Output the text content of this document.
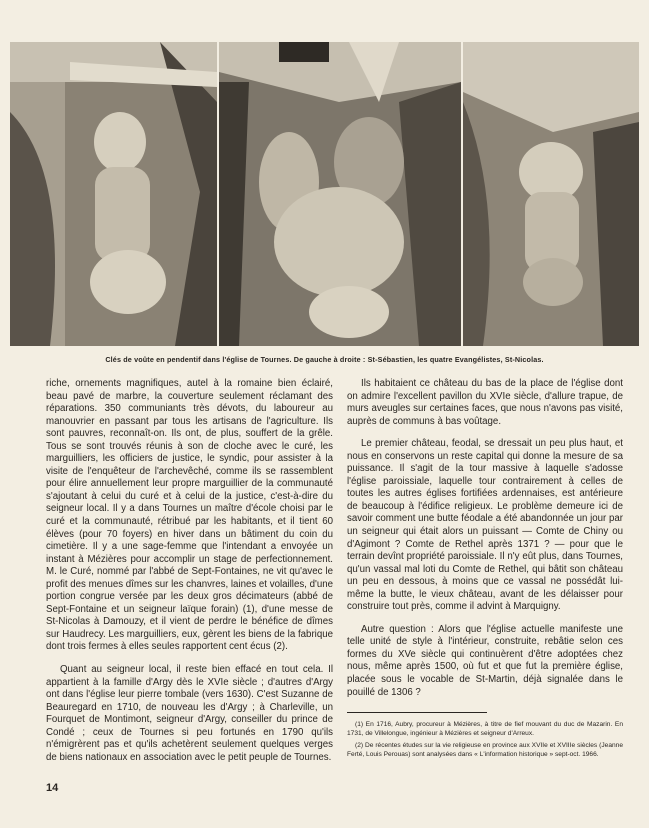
Clés de voûte en pendentif dans l'église de Tournes. De gauche à droite : St-Sébastien, les quatre Evangélistes, St-Nicolas.

riche, ornements magnifiques, autel à la romaine bien éclairé, beau pavé de marbre, la couverture seulement réclamant des réparations. 350 communiants très dévots, du laboureur au manouvrier en passant par tous les artisans de l'agriculture. Ils sont pauvres, reconnaît-on. Ils ont, de plus, souffert de la grêle. Tous se sont trouvés réunis à son de cloche avec le curé, les marguilliers, les officiers de justice, le syndic, pour assister à la visite de l'enquêteur de l'archevêché, comme ils se rassemblent pour élire annuellement leur propre marguillier de la communauté s'ajoutant à celui du curé et à celui de la justice, c'est-à-dire du seigneur local. Il y a dans Tournes un maître d'école choisi par le curé et la communauté, rétribué par les habitants, et il tient 60 élèves (pour 70 foyers) en hiver dans un bâtiment du coin du cimetière. Il y a une sage-femme que l'intendant a envoyée un instant à Mézières pour accomplir un stage de perfectionnement. M. le Curé, nommé par l'abbé de Sept-Fontaines, ne vit qu'avec le profit des menues dîmes sur les chanvres, laines et volailles, d'une portion congrue versée par les deux gros décimateurs (abbé de Sept-Fontaine et un seigneur laïque forain) (1), d'une messe de St-Nicolas à Damouzy, et il vient de perdre le bénéfice de dîmes sur Haudrecy. Les marguilliers, eux, gèrent les biens de la fabrique dont trois fermes à elles seules rapportent cent écus (2).

Quant au seigneur local, il reste bien effacé en tout cela. Il appartient à la famille d'Argy dès le XVIe siècle ; d'autres d'Argy ont dans l'église leur pierre tombale (vers 1630). C'est Suzanne de Beauregard en 1710, de nouveau les d'Argy ; à Charleville, un Fourquet de Montimont, seigneur d'Argy, conseiller du prince de Condé ; ceux de Tournes si peu fortunés en 1790 qu'ils n'émigrèrent pas et qu'ils achetèrent seulement quelques verges de biens nationaux en association avec le petit peuple de Tournes.

Ils habitaient ce château du bas de la place de l'église dont on admire l'excellent pavillon du XVIe siècle, d'allure trapue, de murs aveugles sur certaines faces, que nous n'avons pas visité, auprès de communs à bas voûtage.

Le premier château, feodal, se dressait un peu plus haut, et nous en conservons un reste capital qui donne la mesure de sa puissance. Il s'agit de la tour massive à laquelle s'adosse l'église paroissiale, laquelle tour contrairement à celles de toutes les autres églises fortifiées ardennaises, est antérieure de beaucoup à l'édifice religieux. Le problème demeure ici de savoir comment une butte féodale a été abandonnée un jour par un seigneur qui était alors un puissant — Comte de Chiny ou d'Agimont ? Comte de Rethel après 1371 ? — pour que le terrain devînt propriété paroissiale. Il n'y eût plus, dans Tournes, qu'un vassal mal loti du Comte de Rethel, qui bâtit son château un peu en dessous, à moins que ce vassal ne possédât lui-même la butte, le vieux château, avant de les délaisser pour construire tout près, comme il advint à Marquigny.

Autre question : Alors que l'église actuelle manifeste une telle unité de style à l'intérieur, construite, rebâtie selon ces formes du XVe siècle qui continuèrent d'être adoptées chez nous, même après 1500, où fut et que fut la première église, placée sous le vocable de St-Martin, déjà signalée dans le pouillé de 1306 ?

(1) En 1716, Aubry, procureur à Mézières, à titre de fief mouvant du duc de Mazarin. En 1731, de Villelongue, ingénieur à Mézières et seigneur d'Arreux.

(2) De récentes études sur la vie religieuse en province aux XVIIe et XVIIIe siècles (Jeanne Ferté, Louis Perouas) sont analysées dans « L'information historique » sept-oct. 1966.

14
